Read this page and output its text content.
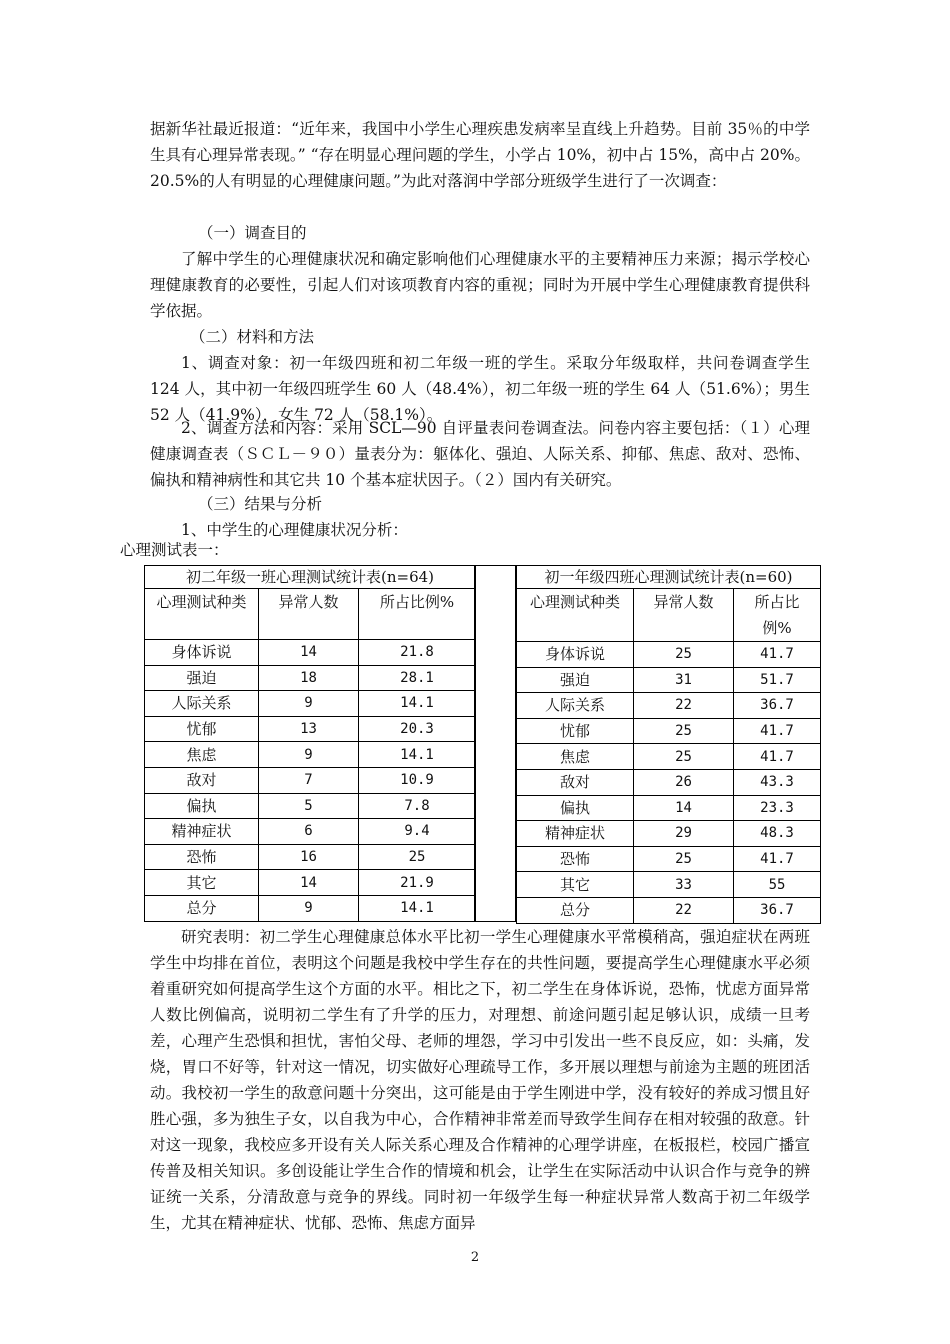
据新华社最近报道：“近年来，我国中小学生心理疾患发病率呈直线上升趋势。目前 35％的中学生具有心理异常表现。” “存在明显心理问题的学生，小学占 10%，初中占 15%，高中占 20%。20.5%的人有明显的心理健康问题。”为此对落润中学部分班级学生进行了一次调查：

（一）调查目的

了解中学生的心理健康状况和确定影响他们心理健康水平的主要精神压力来源；揭示学校心理健康教育的必要性，引起人们对该项教育内容的重视；同时为开展中学生心理健康教育提供科学依据。

（二）材料和方法

1、调查对象：初一年级四班和初二年级一班的学生。采取分年级取样，共问卷调查学生 124 人，其中初一年级四班学生 60 人（48.4%），初二年级一班的学生 64 人（51.6%）；男生 52 人（41.9%），女生 72 人（58.1%）。

2、调查方法和内容：采用 SCL—90 自评量表问卷调查法。问卷内容主要包括：（１）心理健康调查表（ＳＣＬ－９０）量表分为：躯体化、强迫、人际关系、抑郁、焦虑、敌对、恐怖、偏执和精神病性和其它共 10 个基本症状因子。（２）国内有关研究。

（三）结果与分析

1、中学生的心理健康状况分析：

心理测试表一：
初二年级一班心理测试统计表(n=64)		
心理测试种类	异常人数	所占比例%
身体诉说	14	21.8
强迫	18	28.1
人际关系	9	14.1
忧郁	13	20.3
焦虑	9	14.1
敌对	7	10.9
偏执	5	7.8
精神症状	6	9.4
恐怖	16	25
其它	14	21.9
总分	9	14.1
初一年级四班心理测试统计表(n=60)		
心理测试种类	异常人数	所占比例%
身体诉说	25	41.7
强迫	31	51.7
人际关系	22	36.7
忧郁	25	41.7
焦虑	25	41.7
敌对	26	43.3
偏执	14	23.3
精神症状	29	48.3
恐怖	25	41.7
其它	33	55
总分	22	36.7

研究表明：初二学生心理健康总体水平比初一学生心理健康水平常模稍高，强迫症状在两班学生中均排在首位，表明这个问题是我校中学生存在的共性问题，要提高学生心理健康水平必须着重研究如何提高学生这个方面的水平。相比之下，初二学生在身体诉说，恐怖，忧虑方面异常人数比例偏高，说明初二学生有了升学的压力，对理想、前途问题引起足够认识，成绩一旦考差，心理产生恐惧和担忧，害怕父母、老师的埋怨，学习中引发出一些不良反应，如：头痛，发烧，胃口不好等，针对这一情况，切实做好心理疏导工作，多开展以理想与前途为主题的班团活动。我校初一学生的敌意问题十分突出，这可能是由于学生刚进中学，没有较好的养成习惯且好胜心强，多为独生子女，以自我为中心，合作精神非常差而导致学生间存在相对较强的敌意。针对这一现象，我校应多开设有关人际关系心理及合作精神的心理学讲座，在板报栏，校园广播宣传普及相关知识。多创设能让学生合作的情境和机会，让学生在实际活动中认识合作与竞争的辨证统一关系，分清敌意与竞争的界线。同时初一年级学生每一种症状异常人数高于初二年级学生，尤其在精神症状、忧郁、恐怖、焦虑方面异

2
